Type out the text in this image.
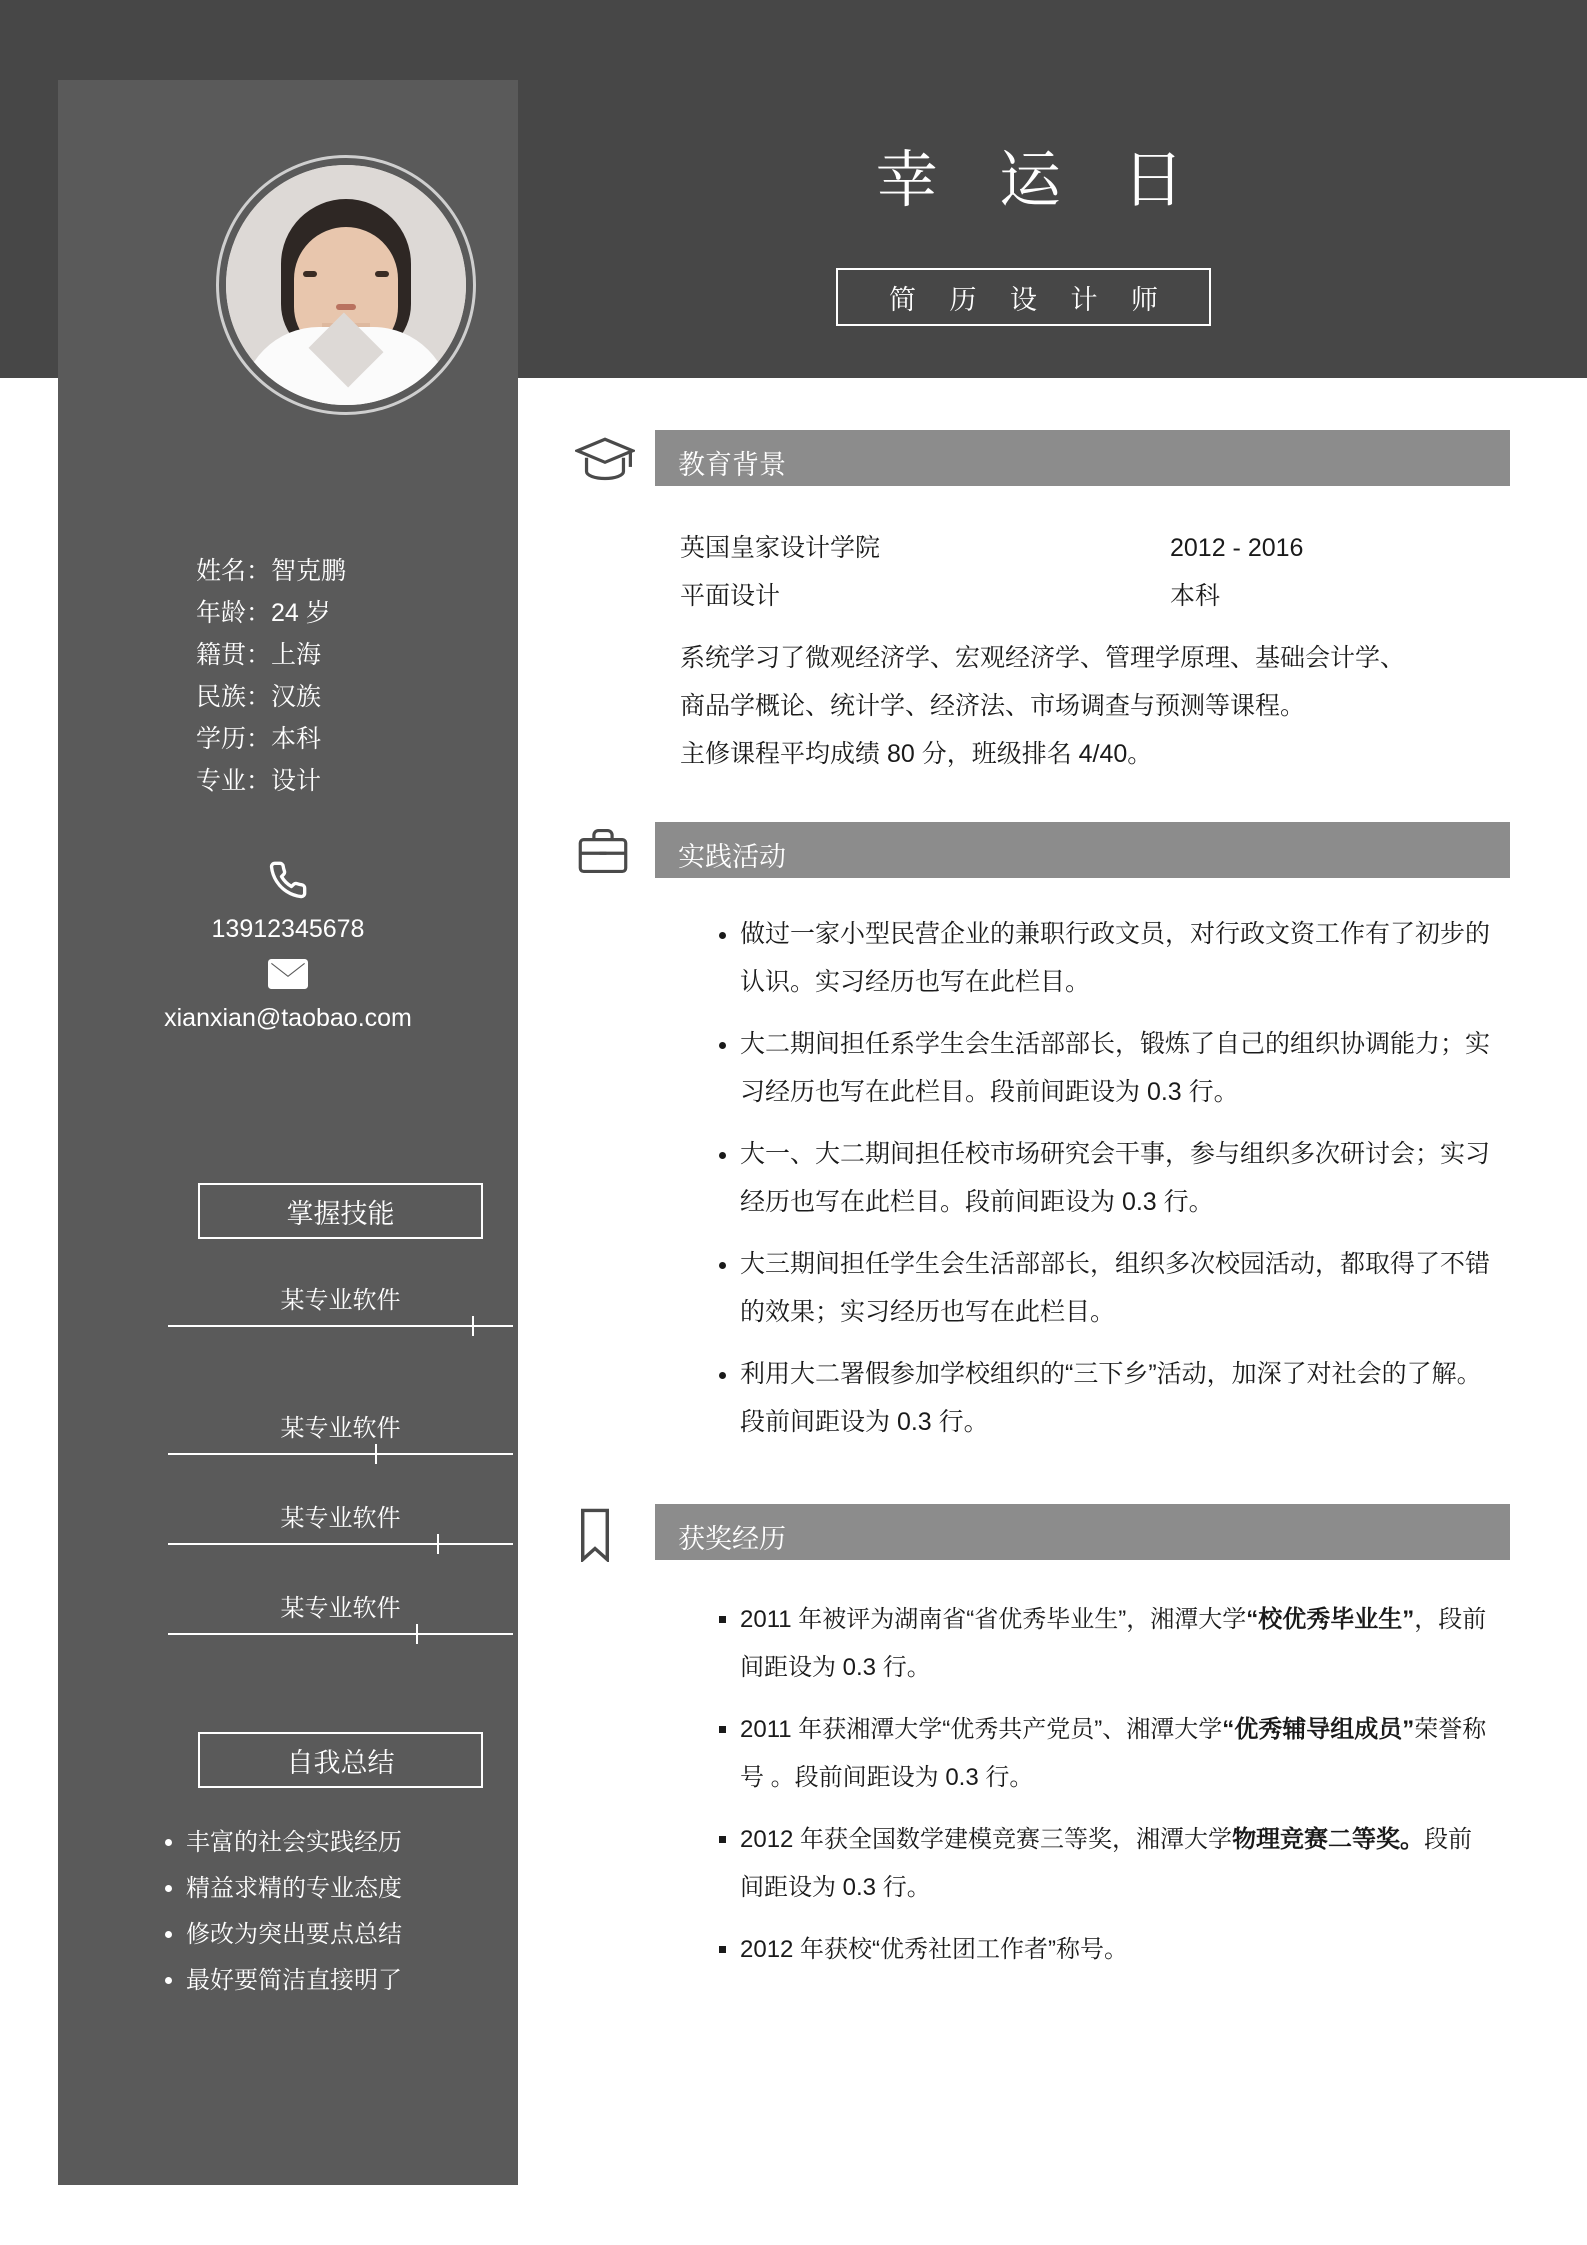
幸 运 日
简 历 设 计 师
姓名：智克鹏
年龄：24 岁
籍贯：上海
民族：汉族
学历：本科
专业：设计
13912345678
xianxian@taobao.com
掌握技能
某专业软件
某专业软件
某专业软件
某专业软件
自我总结
• 丰富的社会实践经历
• 精益求精的专业态度
• 修改为突出要点总结
• 最好要简洁直接明了
教育背景
英国皇家设计学院	2012 - 2016
平面设计	本科
系统学习了微观经济学、宏观经济学、管理学原理、基础会计学、
商品学概论、统计学、经济法、市场调查与预测等课程。
主修课程平均成绩 80 分，班级排名 4/40。
实践活动
• 做过一家小型民营企业的兼职行政文员，对行政文资工作有了初步的认识。实习经历也写在此栏目。
• 大二期间担任系学生会生活部部长，锻炼了自己的组织协调能力；实习经历也写在此栏目。段前间距设为 0.3 行。
• 大一、大二期间担任校市场研究会干事，参与组织多次研讨会；实习经历也写在此栏目。段前间距设为 0.3 行。
• 大三期间担任学生会生活部部长，组织多次校园活动，都取得了不错的效果；实习经历也写在此栏目。
• 利用大二署假参加学校组织的“三下乡”活动，加深了对社会的了解。段前间距设为 0.3 行。
获奖经历
▪ 2011 年被评为湖南省“省优秀毕业生”，湘潭大学“校优秀毕业生”，段前间距设为 0.3 行。
▪ 2011 年获湘潭大学“优秀共产党员”、湘潭大学“优秀辅导组成员”荣誉称号 。段前间距设为 0.3 行。
▪ 2012 年获全国数学建模竞赛三等奖，湘潭大学物理竞赛二等奖。段前间距设为 0.3 行。
▪ 2012 年获校“优秀社团工作者”称号。
